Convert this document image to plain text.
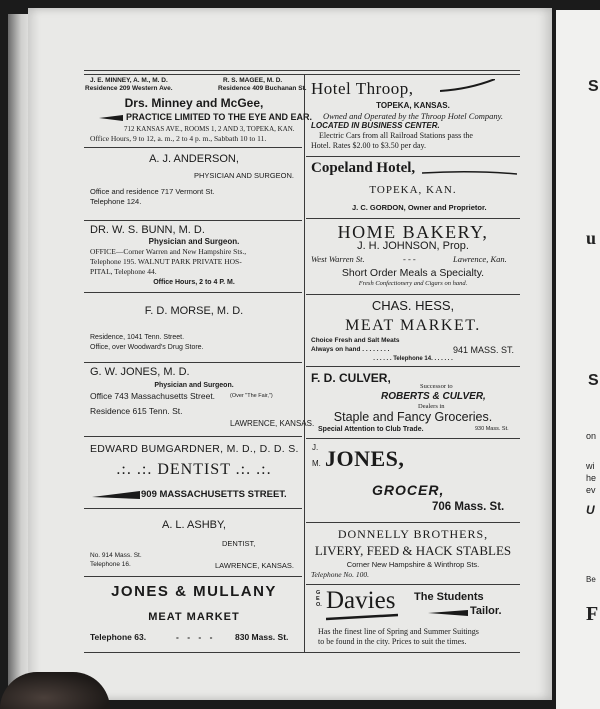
J. E. MINNEY, A. M., M. D.
Residence 209 Western Ave.
R. S. MAGEE, M. D.
Residence 409 Buchanan St.
Drs. Minney and McGee,
PRACTICE LIMITED TO THE EYE AND EAR.
712 KANSAS AVE., ROOMS 1, 2 AND 3, TOPEKA, KAN.
Office Hours, 9 to 12, a. m., 2 to 4 p. m., Sabbath 10 to 11.
A. J. ANDERSON,
PHYSICIAN AND SURGEON.
Office and residence 717 Vermont St.
Telephone 124.
DR. W. S. BUNN, M. D.
Physician and Surgeon.
OFFICE—Corner Warren and New Hampshire Sts.,
Telephone 195. WALNUT PARK PRIVATE HOS-
PITAL, Telephone 44.
Office Hours, 2 to 4 P. M.
F. D. MORSE, M. D.
Residence, 1041 Tenn. Street.
Office, over Woodward's Drug Store.
G. W. JONES, M. D.
Physician and Surgeon.
Office 743 Massachusetts Street.	(Over "The Fair,")
Residence 615 Tenn. St.
LAWRENCE, KANSAS.
EDWARD BUMGARDNER, M. D., D. D. S.
.:. .:. DENTIST .:. .:.
909 MASSACHUSETTS STREET.
A. L. ASHBY,
DENTIST,
No. 914 Mass. St.
Telephone 16.	LAWRENCE, KANSAS.
JONES & MULLANY
MEAT MARKET
Telephone 63.	- - - - 830 Mass. St.
Hotel Throop,
TOPEKA, KANSAS.
Owned and Operated by the Throop Hotel Company.
LOCATED IN BUSINESS CENTER.
Electric Cars from all Railroad Stations pass the
Hotel. Rates $2.00 to $3.50 per day.
Copeland Hotel,
TOPEKA, KAN.
J. C. GORDON, Owner and Proprietor.
HOME BAKERY,
J. H. JOHNSON, Prop.
West Warren St.	- - -	Lawrence, Kan.
Short Order Meals a Specialty.
Fresh Confectionery and Cigars on hand.
CHAS. HESS,
MEAT MARKET.
Choice Fresh and Salt Meats
Always on hand . . . . . . . .	941 MASS. ST.
. . . . . . Telephone 14. . . . . . .
F. D. CULVER,
Successor to
ROBERTS & CULVER,
Dealers in
Staple and Fancy Groceries.
Special Attention to Club Trade.	930 Mass. St.
J.
M. JONES,
GROCER,
706 Mass. St.
DONNELLY BROTHERS,
LIVERY, FEED & HACK STABLES
Corner New Hampshire & Winthrop Sts.
Telephone No. 100.
GEO. Davies The Students
Tailor.
Has the finest line of Spring and Summer Suitings
to be found in the city. Prices to suit the times.
S
u
S
on
wi
he
ev
U
Be
F
